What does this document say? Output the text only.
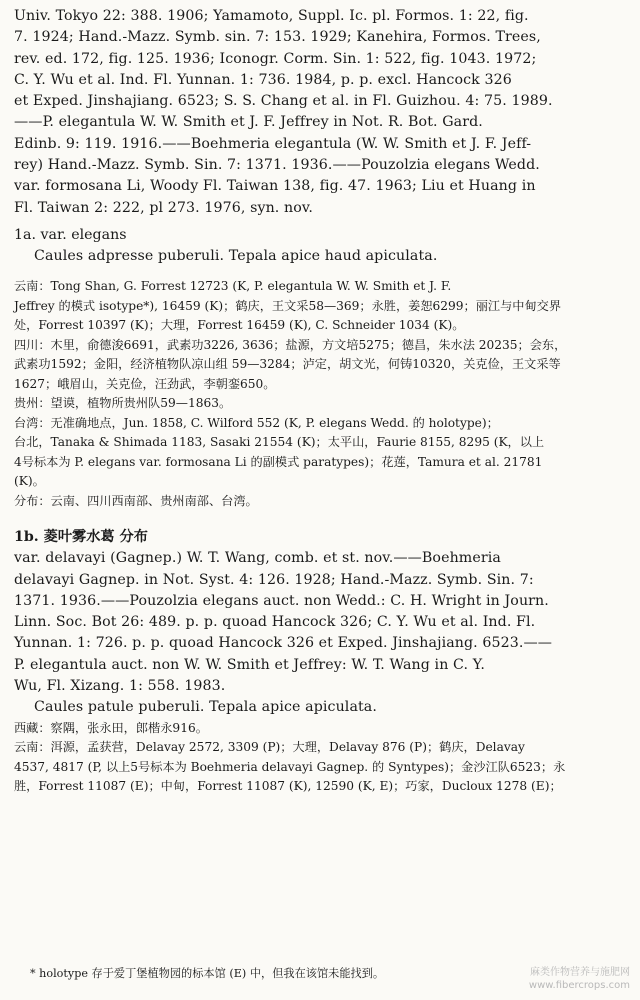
Univ. Tokyo 22: 388. 1906; Yamamoto, Suppl. Ic. pl. Formos. 1: 22, fig.
7. 1924; Hand.-Mazz. Symb. sin. 7: 153. 1929; Kanehira, Formos. Trees,
rev. ed. 172, fig. 125. 1936; Iconogr. Corm. Sin. 1: 522, fig. 1043. 1972;
C. Y. Wu et al. Ind. Fl. Yunnan. 1: 736. 1984, p. p. excl. Hancock 326
et Exped. Jinshajiang. 6523; S. S. Chang et al. in Fl. Guizhou. 4: 75. 1989.
——P. elegantula W. W. Smith et J. F. Jeffrey in Not. R. Bot. Gard.
Edinb. 9: 119. 1916.——Boehmeria elegantula (W. W. Smith et J. F. Jeff-
rey) Hand.-Mazz. Symb. Sin. 7: 1371. 1936.——Pouzolzia elegans Wedd.
var. formosana Li, Woody Fl. Taiwan 138, fig. 47. 1963; Liu et Huang in
Fl. Taiwan 2: 222, pl 273. 1976, syn. nov.

1a. var. elegans

Caules adpresse puberuli. Tepala apice haud apiculata.

云南：Tong Shan, G. Forrest 12723 (K, P. elegantula W. W. Smith et J. F.
Jeffrey 的模式 isotype*), 16459 (K)；鹤庆，王文采58—369；永胜，姜恕6299；丽江与中甸交界
处，Forrest 10397 (K)；大理，Forrest 16459 (K), C. Schneider 1034 (K)。

四川：木里，俞德浚6691，武素功3226, 3636；盐源，方文培5275；德昌，朱水法 20235；会东，
武素功1592；金阳，经济植物队凉山组 59—3284；泸定，胡文光，何铸10320，关克俭，王文采等
1627；峨眉山，关克俭，汪劲武，李朝銮650。

贵州：望谟，植物所贵州队59—1863。

台湾：无准确地点，Jun. 1858, C. Wilford 552 (K, P. elegans Wedd. 的 holotype)；
台北，Tanaka & Shimada 1183, Sasaki 21554 (K)；太平山，Faurie 8155, 8295 (K，以上
4号标本为 P. elegans var. formosana Li 的副模式 paratypes)；花莲，Tamura et al. 21781
(K)。

分布：云南、四川西南部、贵州南部、台湾。

1b. 菱叶雾水葛 分布

var. delavayi (Gagnep.) W. T. Wang, comb. et st. nov.——Boehmeria
delavayi Gagnep. in Not. Syst. 4: 126. 1928; Hand.-Mazz. Symb. Sin. 7:
1371. 1936.——Pouzolzia elegans auct. non Wedd.: C. H. Wright in Journ.
Linn. Soc. Bot 26: 489. p. p. quoad Hancock 326; C. Y. Wu et al. Ind. Fl.
Yunnan. 1: 726. p. p. quoad Hancock 326 et Exped. Jinshajiang. 6523.——
P. elegantula auct. non W. W. Smith et Jeffrey: W. T. Wang in C. Y.
Wu, Fl. Xizang. 1: 558. 1983.

Caules patule puberuli. Tepala apice apiculata.

西藏：察隅，张永田，郎楷永916。

云南：洱源，孟获营，Delavay 2572, 3309 (P)；大理，Delavay 876 (P)；鹤庆，Delavay
4537, 4817 (P, 以上5号标本为 Boehmeria delavayi Gagnep. 的 Syntypes)；金沙江队6523；永
胜，Forrest 11087 (E)；中甸，Forrest 11087 (K), 12590 (K, E)；巧家，Ducloux 1278 (E)；

* holotype 存于爱丁堡植物园的标本馆 (E) 中，但我在该馆未能找到。	麻类作物营养与施肥网
www.fibercrops.com
